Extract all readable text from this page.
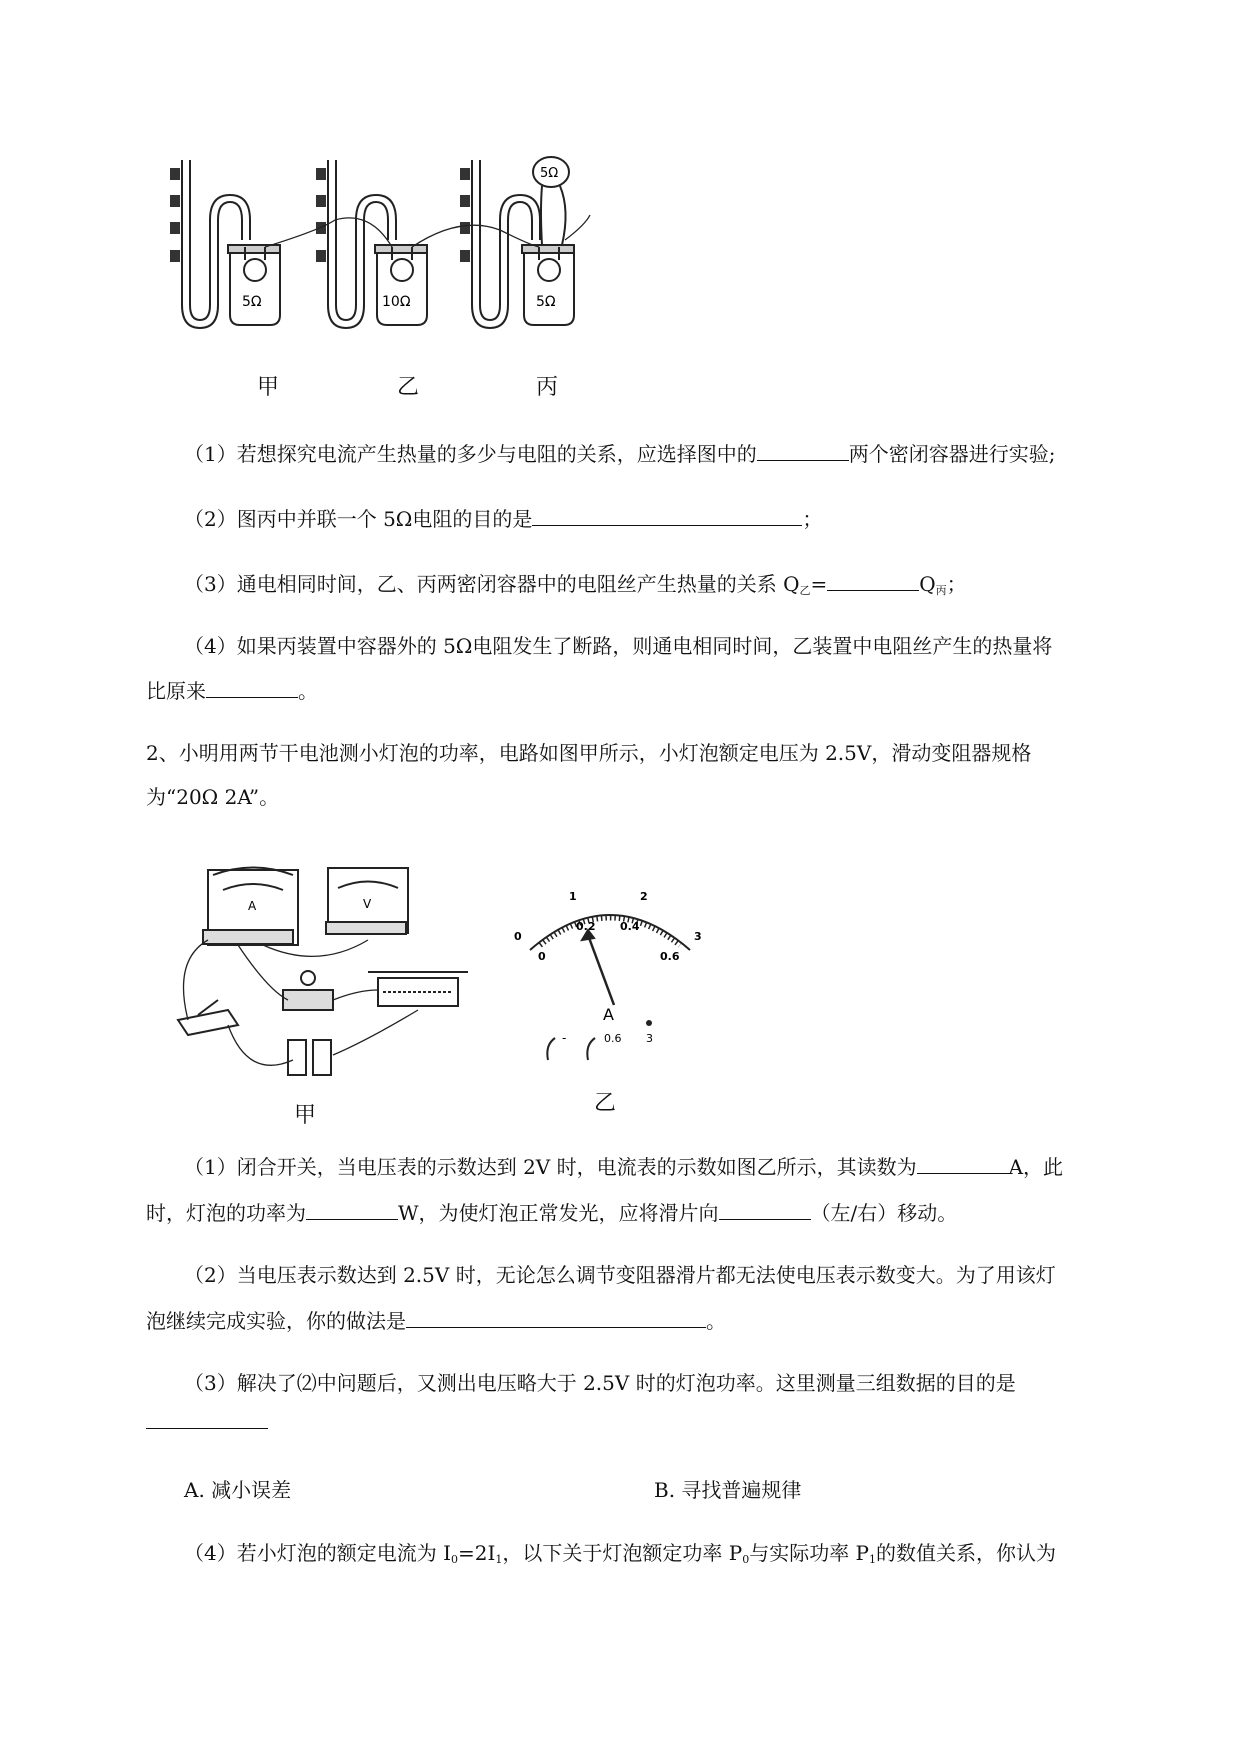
5Ω	10Ω	5Ω
5Ω
甲	乙	丙
（1）若想探究电流产生热量的多少与电阻的关系，应选择图中的	两个密闭容器进行实验;
（2）图丙中并联一个 5Ω电阻的目的是	；
（3）通电相同时间，乙、丙两密闭容器中的电阻丝产生热量的关系 $Q_乙=$	$Q_丙$；
（4）如果丙装置中容器外的 5Ω电阻发生了断路，则通电相同时间，乙装置中电阻丝产生的热量将
比原来	。
2、小明用两节干电池测小灯泡的功率，电路如图甲所示，小灯泡额定电压为 2.5V，滑动变阻器规格
为“20Ω 2A”。
A	V
甲
0
1	2
3
0
0.2 0.4
0.6
A
-	0.6 3
乙
（1）闭合开关，当电压表的示数达到 2V 时，电流表的示数如图乙所示，其读数为	A，此
时，灯泡的功率为	W，为使灯泡正常发光，应将滑片向	（左/右）移动。
（2）当电压表示数达到 2.5V 时，无论怎么调节变阻器滑片都无法使电压表示数变大。为了用该灯
泡继续完成实验，你的做法是	。
（3）解决了⑵中问题后，又测出电压略大于 2.5V 时的灯泡功率。这里测量三组数据的目的是
A. 减小误差	B. 寻找普遍规律
（4）若小灯泡的额定电流为 $I_0=2I_1$，以下关于灯泡额定功率 $P_0$与实际功率 $P_1$的数值关系，你认为
